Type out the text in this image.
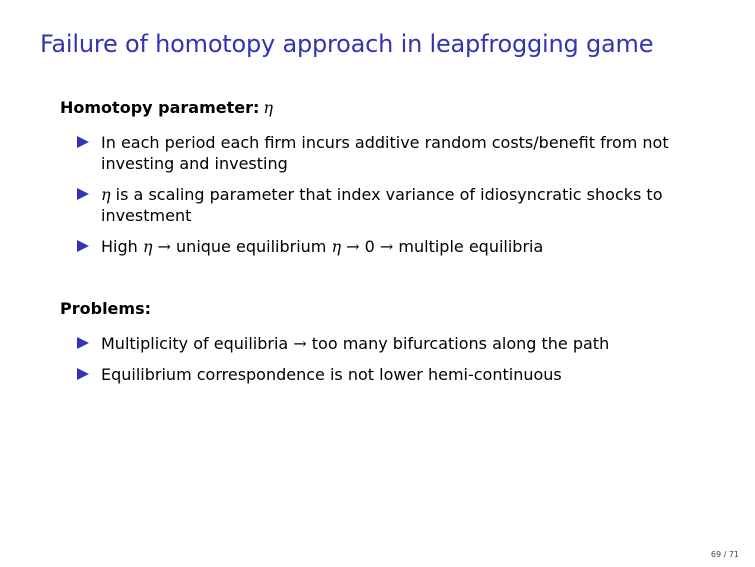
Failure of homotopy approach in leapfrogging game
Homotopy parameter: η
In each period each firm incurs additive random costs/benefit from not investing and investing
η is a scaling parameter that index variance of idiosyncratic shocks to investment
High η → unique equilibrium η → 0 → multiple equilibria
Problems:
Multiplicity of equilibria → too many bifurcations along the path
Equilibrium correspondence is not lower hemi-continuous
69 / 71
